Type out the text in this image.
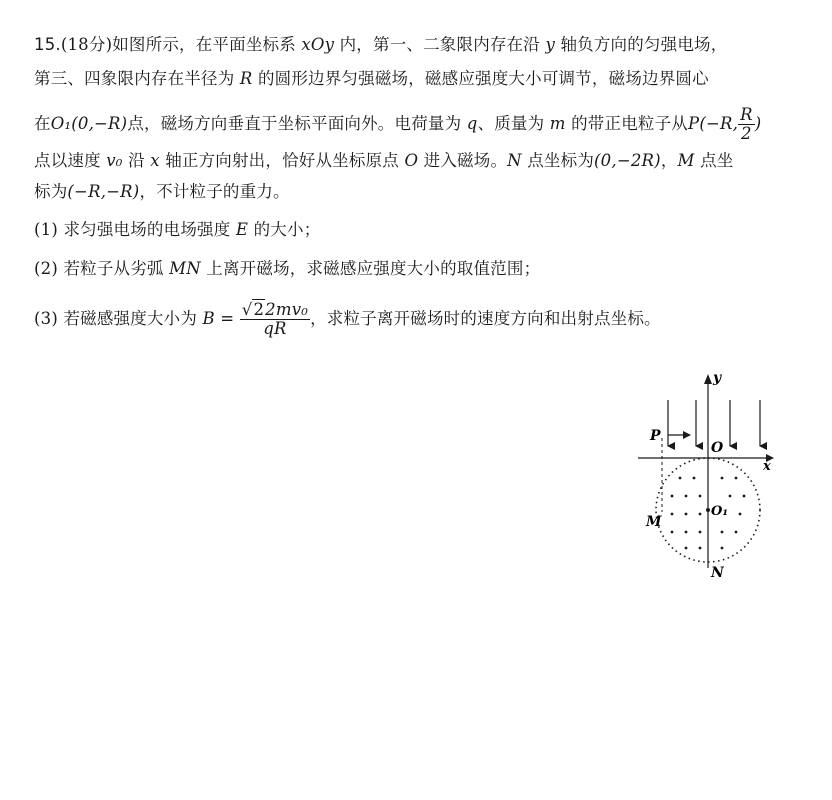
15.(18分)如图所示，在平面坐标系 xOy 内，第一、二象限内存在沿 y 轴负方向的匀强电场，
第三、四象限内存在半径为 R 的圆形边界匀强磁场，磁感应强度大小可调节，磁场边界圆心
在O₁(0,−R)点，磁场方向垂直于坐标平面向外。电荷量为 q、质量为 m 的带正电粒子从P(−R, $\frac{R}{2}$ )
点以速度 v₀ 沿 x 轴正方向射出，恰好从坐标原点 O 进入磁场。N 点坐标为(0,−2R)，M 点坐
标为(−R,−R)，不计粒子的重力。
(1) 求匀强电场的电场强度 E 的大小；
(2) 若粒子从劣弧 MN 上离开磁场，求磁感应强度大小的取值范围；
(3) 若磁感强度大小为 $B = \frac{\text{√22mv₀}}{qR}$ ，求粒子离开磁场时的速度方向和出射点坐标。
y
x
P
O
O₁
M
N
